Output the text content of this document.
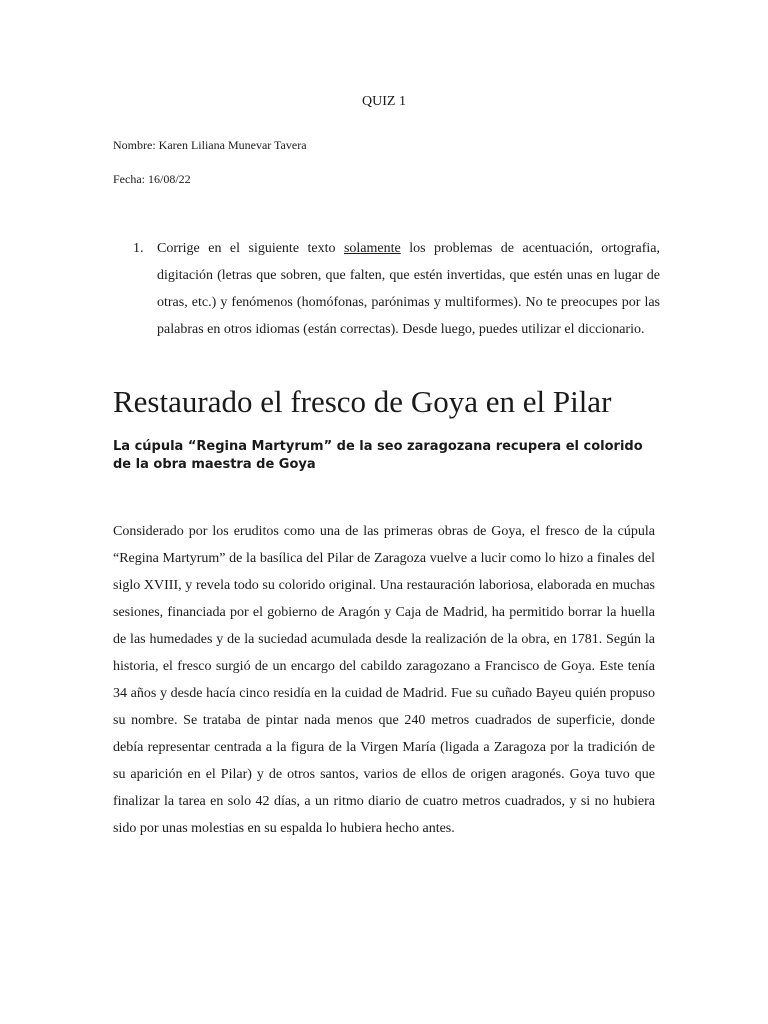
QUIZ 1
Nombre: Karen Liliana Munevar Tavera
Fecha: 16/08/22
1. Corrige en el siguiente texto solamente los problemas de acentuación, ortografia, digitación (letras que sobren, que falten, que estén invertidas, que estén unas en lugar de otras, etc.) y fenómenos (homófonas, parónimas y multiformes). No te preocupes por las palabras en otros idiomas (están correctas). Desde luego, puedes utilizar el diccionario.
Restaurado el fresco de Goya en el Pilar
La cúpula “Regina Martyrum” de la seo zaragozana recupera el colorido de la obra maestra de Goya
Considerado por los eruditos como una de las primeras obras de Goya, el fresco de la cúpula “Regina Martyrum” de la basílica del Pilar de Zaragoza vuelve a lucir como lo hizo a finales del siglo XVIII, y revela todo su colorido original. Una restauración laboriosa, elaborada en muchas sesiones, financiada por el gobierno de Aragón y Caja de Madrid, ha permitido borrar la huella de las humedades y de la suciedad acumulada desde la realización de la obra, en 1781. Según la historia, el fresco surgió de un encargo del cabildo zaragozano a Francisco de Goya. Este tenía 34 años y desde hacía cinco residía en la cuidad de Madrid. Fue su cuñado Bayeu quién propuso su nombre. Se trataba de pintar nada menos que 240 metros cuadrados de superficie, donde debía representar centrada a la figura de la Virgen María (ligada a Zaragoza por la tradición de su aparición en el Pilar) y de otros santos, varios de ellos de origen aragonés. Goya tuvo que finalizar la tarea en solo 42 días, a un ritmo diario de cuatro metros cuadrados, y si no hubiera sido por unas molestias en su espalda lo hubiera hecho antes.
